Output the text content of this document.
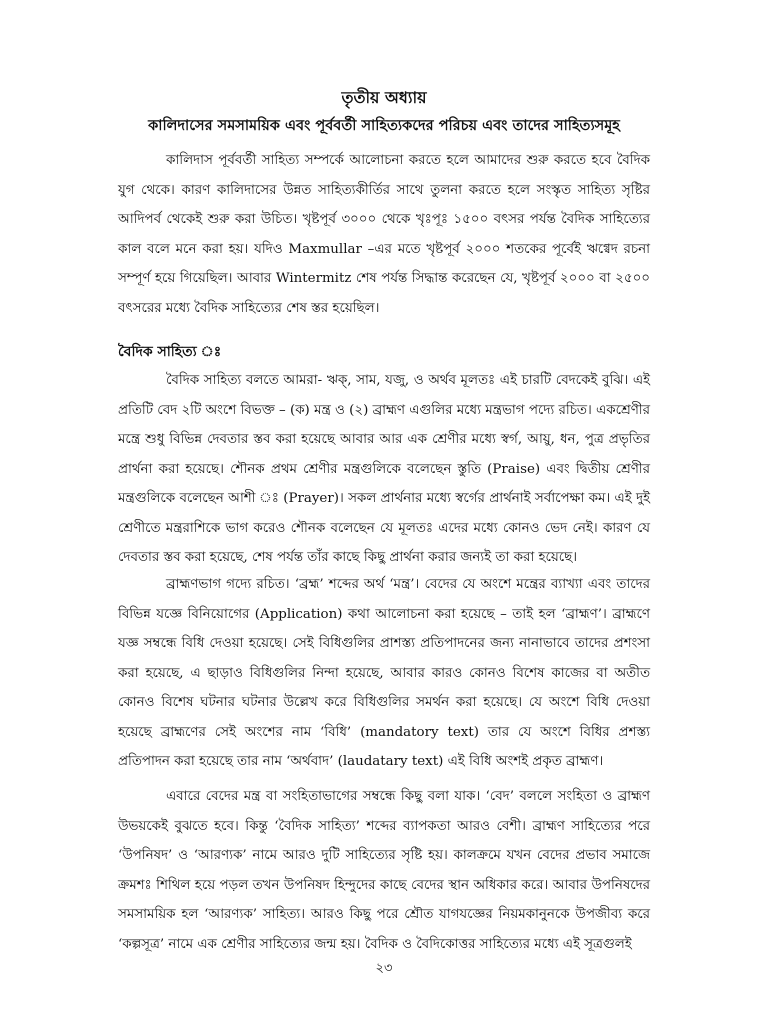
তৃতীয় অধ্যায়
কালিদাসের সমসাময়িক এবং পূর্ববর্তী সাহিত্যকদের পরিচয় এবং তাদের সাহিত্যসমূহ

কালিদাস পূর্ববর্তী সাহিত্য সম্পর্কে আলোচনা করতে হলে আমাদের শুরু করতে হবে বৈদিক যুগ থেকে। কারণ কালিদাসের উন্নত সাহিত্যকীর্তির সাথে তুলনা করতে হলে সংস্কৃত সাহিত্য সৃষ্টির আদিপর্ব থেকেই শুরু করা উচিত। খৃষ্টপূর্ব ৩০০০ থেকে খৃঃপূঃ ১৫০০ বৎসর পর্যন্ত বৈদিক সাহিত্যের কাল বলে মনে করা হয়। যদিও Maxmullar –এর মতে খৃষ্টপূর্ব ২০০০ শতকের পূর্বেই ঋগ্বেদ রচনা সম্পূর্ণ হয়ে গিয়েছিল। আবার Wintermitz শেষ পর্যন্ত সিদ্ধান্ত করেছেন যে, খৃষ্টপূর্ব ২০০০ বা ২৫০০ বৎসরের মধ্যে বৈদিক সাহিত্যের শেষ স্তর হয়েছিল।

বৈদিক সাহিত্য ঃ

বৈদিক সাহিত্য বলতে আমরা- ঋক্‌, সাম, যজু, ও অর্থব মূলতঃ এই চারটি বেদকেই বুঝি। এই প্রতিটি বেদ ২টি অংশে বিভক্ত – (ক) মন্ত্র ও (২) ব্রাহ্মণ এগুলির মধ্যে মন্ত্রভাগ পদ্যে রচিত। একশ্রেণীর মন্ত্রে শুধু বিভিন্ন দেবতার স্তব করা হয়েছে আবার আর এক শ্রেণীর মধ্যে স্বর্গ, আয়ু, ধন, পুত্র প্রভৃতির প্রার্থনা করা হয়েছে। শৌনক প্রথম শ্রেণীর মন্ত্রগুলিকে বলেছেন স্তুতি (Praise) এবং দ্বিতীয় শ্রেণীর মন্ত্রগুলিকে বলেছেন আশী ঃ (Prayer)। সকল প্রার্থনার মধ্যে স্বর্গের প্রার্থনাই সর্বাপেক্ষা কম। এই দুই শ্রেণীতে মন্ত্ররাশিকে ভাগ করেও শৌনক বলেছেন যে মূলতঃ এদের মধ্যে কোনও ভেদ নেই। কারণ যে দেবতার স্তব করা হয়েছে, শেষ পর্যন্ত তাঁর কাছে কিছু প্রার্থনা করার জন্যই তা করা হয়েছে।

ব্রাহ্মণভাগ গদ্যে রচিত। ‘ব্রহ্ম’ শব্দের অর্থ ‘মন্ত্র’। বেদের যে অংশে মন্ত্রের ব্যাখ্যা এবং তাদের বিভিন্ন যজ্ঞে বিনিয়োগের (Application) কথা আলোচনা করা হয়েছে – তাই হল ‘ব্রাহ্মণ’। ব্রাহ্মণে যজ্ঞ সম্বন্ধে বিধি দেওয়া হয়েছে। সেই বিধিগুলির প্রাশস্ত্য প্রতিপাদনের জন্য নানাভাবে তাদের প্রশংসা করা হয়েছে, এ ছাড়াও বিধিগুলির নিন্দা হয়েছে, আবার কারও কোনও বিশেষ কাজের বা অতীত কোনও বিশেষ ঘটনার ঘটনার উল্লেখ করে বিধিগুলির সমর্থন করা হয়েছে। যে অংশে বিধি দেওয়া হয়েছে ব্রাহ্মণের সেই অংশের নাম ‘বিধি’ (mandatory text) তার যে অংশে বিধির প্রশস্ত্য প্রতিপাদন করা হয়েছে তার নাম ‘অর্থবাদ’ (laudatary text) এই বিধি অংশই প্রকৃত ব্রাহ্মণ।

এবারে বেদের মন্ত্র বা সংহিতাভাগের সম্বন্ধে কিছু বলা যাক। ‘বেদ’ বললে সংহিতা ও ব্রাহ্মণ উভয়কেই বুঝতে হবে। কিন্তু ‘বৈদিক সাহিত্য’ শব্দের ব্যাপকতা আরও বেশী। ব্রাহ্মণ সাহিত্যের পরে ‘উপনিষদ’ ও ‘আরণ্যক’ নামে আরও দুটি সাহিত্যের সৃষ্টি হয়। কালক্রমে যখন বেদের প্রভাব সমাজে ক্রমশঃ শিথিল হয়ে পড়ল তখন উপনিষদ হিন্দুদের কাছে বেদের স্থান অধিকার করে। আবার উপনিষদের সমসাময়িক হল ‘আরণ্যক’ সাহিত্য। আরও কিছু পরে শ্রৌত যাগযজ্ঞের নিয়মকানুনকে উপজীব্য করে ‘কল্পসূত্র’ নামে এক শ্রেণীর সাহিত্যের জন্ম হয়। বৈদিক ও বৈদিকোত্তর সাহিত্যের মধ্যে এই সূত্রগুলই

২৩
